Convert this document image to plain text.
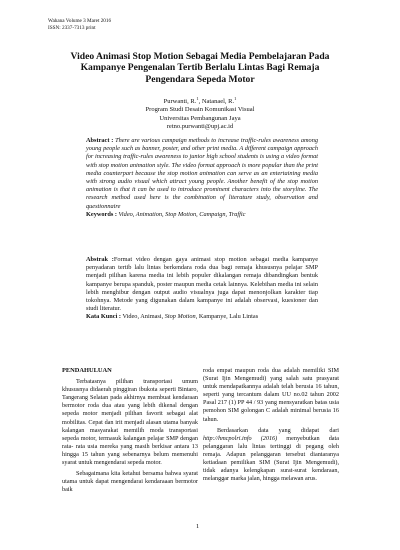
Wahana Volume 3 Maret 2016
ISSN: 2337-7313 print
Video Animasi Stop Motion Sebagai Media Pembelajaran Pada Kampanye Pengenalan Tertib Berlalu Lintas Bagi Remaja Pengendara Sepeda Motor
Purwanti, R.$^1$, Natanael, R.$^1$
Program Studi Desain Komunikasi Visual
Universitas Pembangunan Jaya
retno.purwanti@upj.ac.id
Abstract : There are various campaign methods to increase traffic-rules awareness among young people such as banner, poster, and other print media. A different campaign approach for increasing traffic-rules awareness to junior high school students is using a video format with stop motion animation style. The video format approach is more popular than the print media counterpart because the stop motion animation can serve as an entertaining media with strong audio visual which attract young people. Another benefit of the stop motion animation is that it can be used to introduce prominent characters into the storyline. The research method used here is the combination of literature study, observation and questionnaire
Keywords : Video, Animation, Stop Motion, Campaign, Traffic
Abstrak :Format video dengan gaya animasi stop motion sebagai media kampanye penyadaran tertib lalu lintas berkendara roda dua bagi remaja khususnya pelajar SMP menjadi pilihan karena media ini lebih populer dikalangan remaja dibandingkan bentuk kampanye berupa spanduk, poster maupun media cetak lainnya. Kelebihan media ini selain lebih menghibur dengan output audio visualnya juga dapat menonjolkan karakter tiap tokohnya. Metode yang digunakan dalam kampanye ini adalah observasi, kuesioner dan studi literatur.
Kata Kunci : Video, Animasi, Stop Motion, Kampanye, Lalu Lintas
PENDAHULUAN

Terbatasnya pilihan transportasi umum khususnya didaerah pinggiran ibukota seperti Bintaro, Tangerang Selatan pada akhirnya membuat kendaraan bermotor roda dua atau yang lebih dikenal dengan sepeda motor menjadi pilihan favorit sebagai alat mobilitas. Cepat dan irit menjadi alasan utama banyak kalangan masyarakat memilih moda transportasi sepeda motor, termasuk kalangan pelajar SMP dengan rata- rata usia mereka yang masih berkisar antara 13 hingga 15 tahun yang sebenarnya belum memenuhi syarat untuk mengendarai sepeda motor.

Sebagaimana kita ketahui bersama bahwa syarat utama untuk dapat mengendarai kendaraaan bermotor baik

roda empat maupun roda dua adalah memiliki SIM (Surat Ijin Mengemudi) yang salah satu prasyarat untuk mendapatkannya adalah telah berusia 16 tahun, seperti yang tercantum dalam UU no.02 tahun 2002 Pasal 217 (1) PP 44 / 93 yang mensyaratkan batas usia pemohon SIM golongan C adalah minimal berusia 16 tahun.

Berdasarkan data yang didapat dari http://hmcpolri.info (2016) menyebutkan data pelanggaran lalu lintas tertinggi di pegang oleh remaja. Adapun pelanggaran tersebut diantaranya ketiadaan pemilikan SIM (Surat Ijin Mengemudi), tidak adanya kelengkapan surat-surat kendaraan, melanggar marka jalan, hingga melawan arus.

1
